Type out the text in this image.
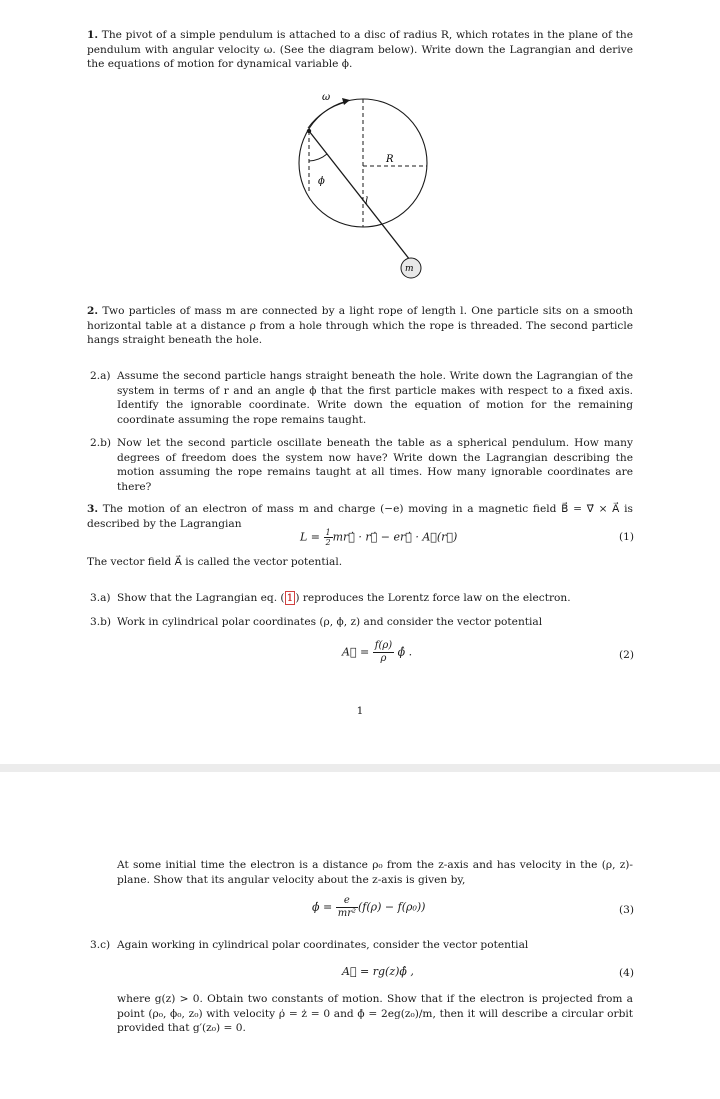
1. The pivot of a simple pendulum is attached to a disc of radius R, which rotates in the plane of the pendulum with angular velocity ω. (See the diagram below). Write down the Lagrangian and derive the equations of motion for dynamical variable ϕ.
ω
R
ϕ
l
m
2. Two particles of mass m are connected by a light rope of length l. One particle sits on a smooth horizontal table at a distance ρ from a hole through which the rope is threaded. The second particle hangs straight beneath the hole.
2.a) Assume the second particle hangs straight beneath the hole. Write down the Lagrangian of the system in terms of r and an angle ϕ that the first particle makes with respect to a fixed axis. Identify the ignorable coordinate. Write down the equation of motion for the remaining coordinate assuming the rope remains taught.
2.b) Now let the second particle oscillate beneath the table as a spherical pendulum. How many degrees of freedom does the system now have? Write down the Lagrangian describing the motion assuming the rope remains taught at all times. How many ignorable coordinates are there?
3. The motion of an electron of mass m and charge (−e) moving in a magnetic field B⃗ = ∇⃗ × A⃗ is described by the Lagrangian
$L = \frac{1}{2}$ mr⃗̇ · r⃗̇ − er⃗̇ · A⃗(r⃗)	(1)
The vector field A⃗ is called the vector potential.
3.a) Show that the Lagrangian eq. ( 1 ) reproduces the Lorentz force law on the electron.
3.b) Work in cylindrical polar coordinates (ρ, ϕ, z) and consider the vector potential
A⃗ = $\frac{f(\rho)}{\rho}$ ϕ̂ .	(2)
1
At some initial time the electron is a distance ρ₀ from the z-axis and has velocity in the (ρ, z)-plane. Show that its angular velocity about the z-axis is given by,
ϕ̇ = $\frac{e}{\text{mr²}} (f(\rho) - f(\rho_0))$	(3)
3.c) Again working in cylindrical polar coordinates, consider the vector potential
A⃗ = rg(z)ϕ̂ ,	(4)
where g(z) > 0. Obtain two constants of motion. Show that if the electron is projected from a point (ρ₀, ϕ₀, z₀) with velocity ρ̇ = ż = 0 and ϕ̇ = 2eg(z₀)/m, then it will describe a circular orbit provided that g′(z₀) = 0.
